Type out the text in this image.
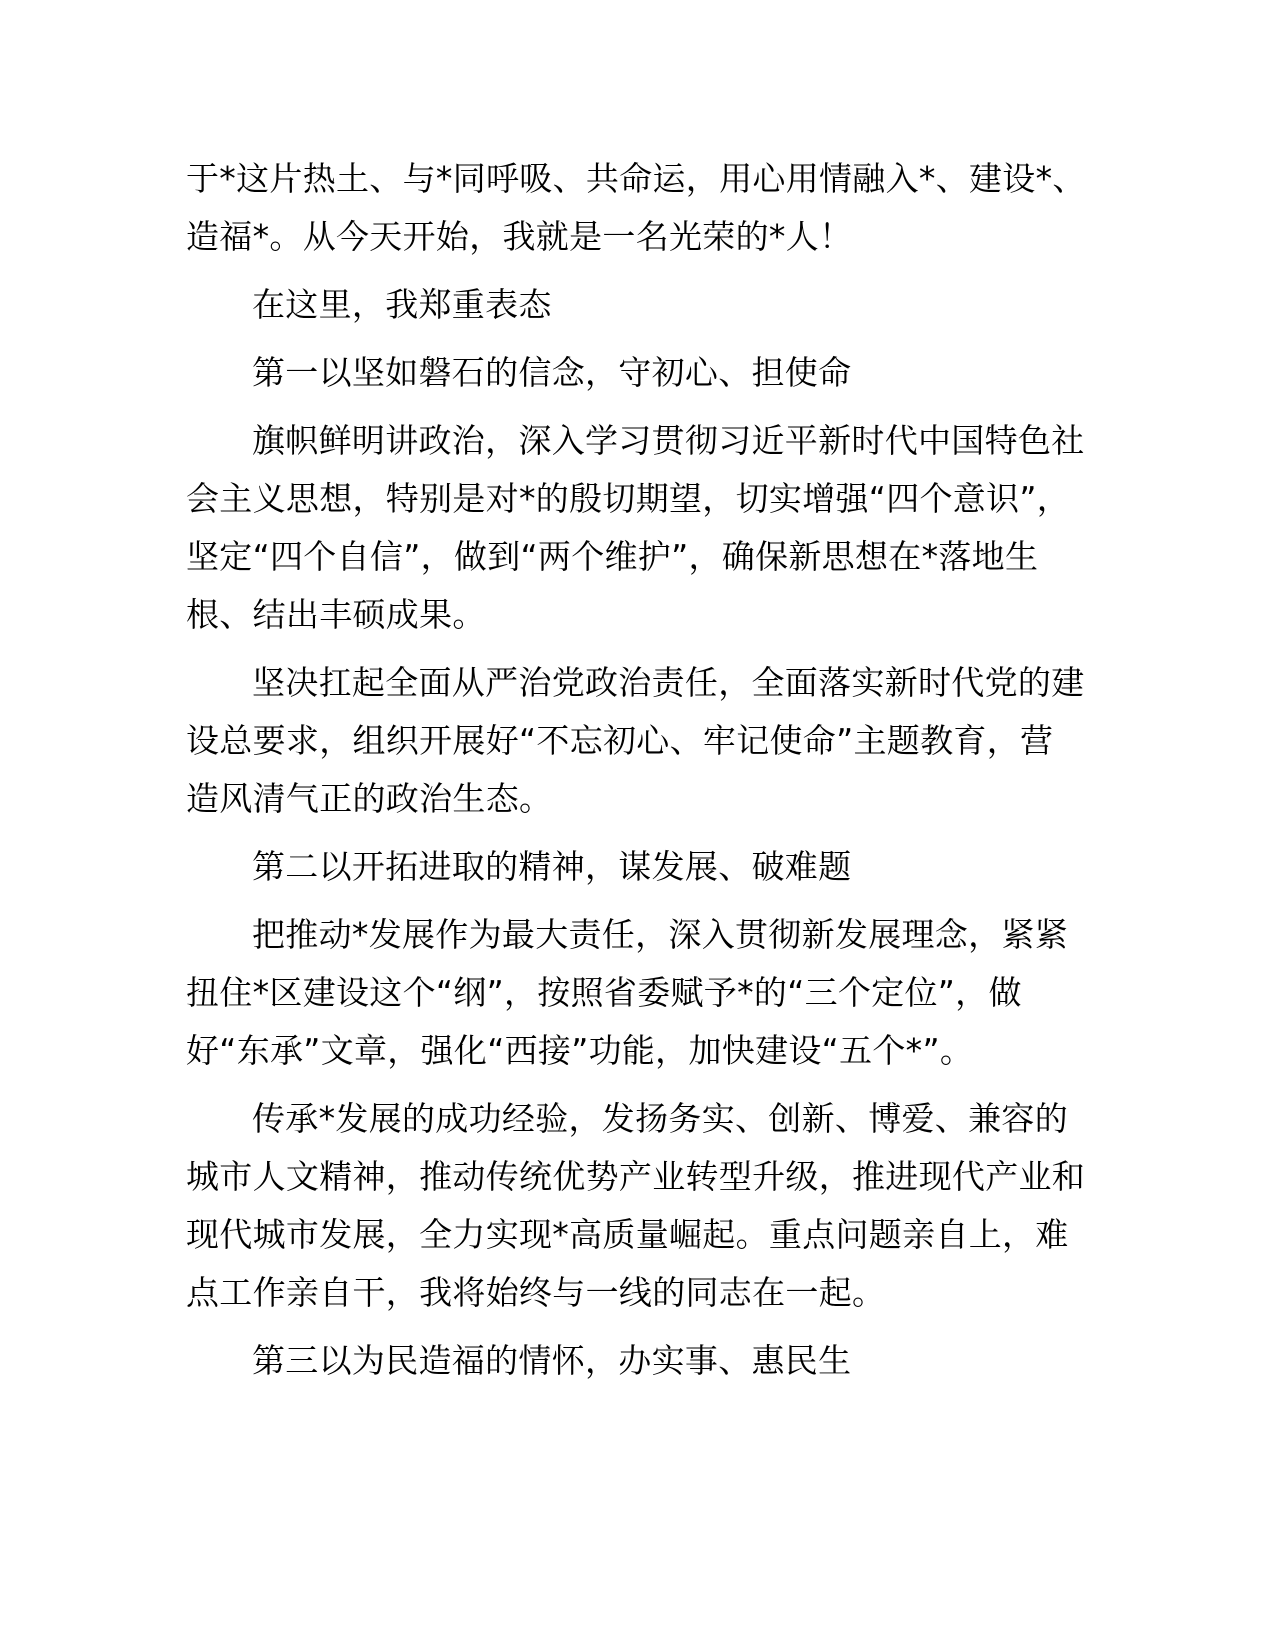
于*这片热土、与*同呼吸、共命运，用心用情融入*、建设*、造福*。从今天开始，我就是一名光荣的*人！

在这里，我郑重表态

第一以坚如磐石的信念，守初心、担使命

旗帜鲜明讲政治，深入学习贯彻习近平新时代中国特色社会主义思想，特别是对*的殷切期望，切实增强“四个意识”，坚定“四个自信”，做到“两个维护”，确保新思想在*落地生根、结出丰硕成果。

坚决扛起全面从严治党政治责任，全面落实新时代党的建设总要求，组织开展好“不忘初心、牢记使命”主题教育，营造风清气正的政治生态。

第二以开拓进取的精神，谋发展、破难题

把推动*发展作为最大责任，深入贯彻新发展理念，紧紧扭住*区建设这个“纲”，按照省委赋予*的“三个定位”，做好“东承”文章，强化“西接”功能，加快建设“五个*”。

传承*发展的成功经验，发扬务实、创新、博爱、兼容的城市人文精神，推动传统优势产业转型升级，推进现代产业和现代城市发展，全力实现*高质量崛起。重点问题亲自上，难点工作亲自干，我将始终与一线的同志在一起。

第三以为民造福的情怀，办实事、惠民生
